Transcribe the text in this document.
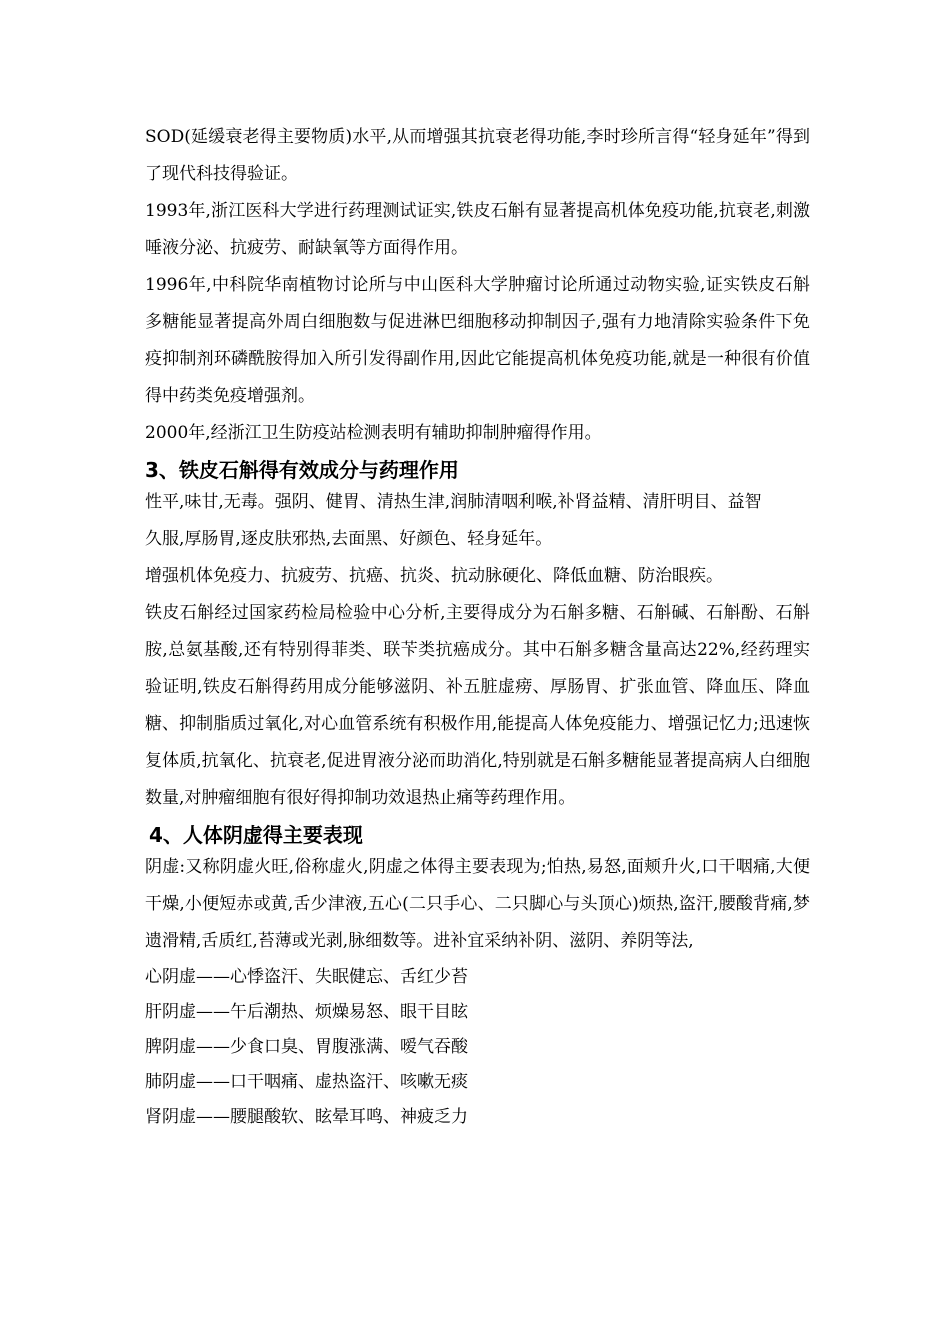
SOD(延缓衰老得主要物质)水平,从而增强其抗衰老得功能,李时珍所言得“轻身延年”得到了现代科技得验证。

1993年,浙江医科大学进行药理测试证实,铁皮石斛有显著提高机体免疫功能,抗衰老,刺激唾液分泌、抗疲劳、耐缺氧等方面得作用。

1996年,中科院华南植物讨论所与中山医科大学肿瘤讨论所通过动物实验,证实铁皮石斛多糖能显著提高外周白细胞数与促进淋巴细胞移动抑制因子,强有力地清除实验条件下免疫抑制剂环磷酰胺得加入所引发得副作用,因此它能提高机体免疫功能,就是一种很有价值得中药类免疫增强剂。

2000年,经浙江卫生防疫站检测表明有辅助抑制肿瘤得作用。

3、铁皮石斛得有效成分与药理作用

性平,味甘,无毒。强阴、健胃、清热生津,润肺清咽利喉,补肾益精、清肝明目、益智

久服,厚肠胃,逐皮肤邪热,去面黑、好颜色、轻身延年。

增强机体免疫力、抗疲劳、抗癌、抗炎、抗动脉硬化、降低血糖、防治眼疾。

铁皮石斛经过国家药检局检验中心分析,主要得成分为石斛多糖、石斛碱、石斛酚、石斛胺,总氨基酸,还有特别得菲类、联苄类抗癌成分。其中石斛多糖含量高达22%,经药理实验证明,铁皮石斛得药用成分能够滋阴、补五脏虚痨、厚肠胃、扩张血管、降血压、降血糖、抑制脂质过氧化,对心血管系统有积极作用,能提高人体免疫能力、增强记忆力;迅速恢复体质,抗氧化、抗衰老,促进胃液分泌而助消化,特别就是石斛多糖能显著提高病人白细胞数量,对肿瘤细胞有很好得抑制功效退热止痛等药理作用。

4、人体阴虚得主要表现

阴虚:又称阴虚火旺,俗称虚火,阴虚之体得主要表现为;怕热,易怒,面颊升火,口干咽痛,大便干燥,小便短赤或黄,舌少津液,五心(二只手心、二只脚心与头顶心)烦热,盗汗,腰酸背痛,梦遗滑精,舌质红,苔薄或光剥,脉细数等。进补宜采纳补阴、滋阴、养阴等法,

心阴虚——心悸盗汗、失眠健忘、舌红少苔

肝阴虚——午后潮热、烦燥易怒、眼干目眩

脾阴虚——少食口臭、胃腹涨满、嗳气吞酸

肺阴虚——口干咽痛、虚热盗汗、咳嗽无痰

肾阴虚——腰腿酸软、眩晕耳鸣、神疲乏力
